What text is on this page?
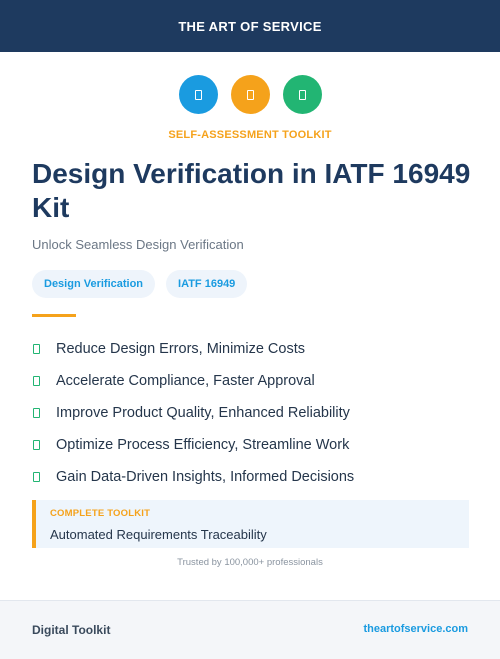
THE ART OF SERVICE
SELF-ASSESSMENT TOOLKIT
Design Verification in IATF 16949 Kit
Unlock Seamless Design Verification
Design Verification	IATF 16949
Reduce Design Errors, Minimize Costs
Accelerate Compliance, Faster Approval
Improve Product Quality, Enhanced Reliability
Optimize Process Efficiency, Streamline Work
Gain Data-Driven Insights, Informed Decisions
COMPLETE TOOLKIT
Automated Requirements Traceability
Trusted by 100,000+ professionals
Digital Toolkit	theartofservice.com
